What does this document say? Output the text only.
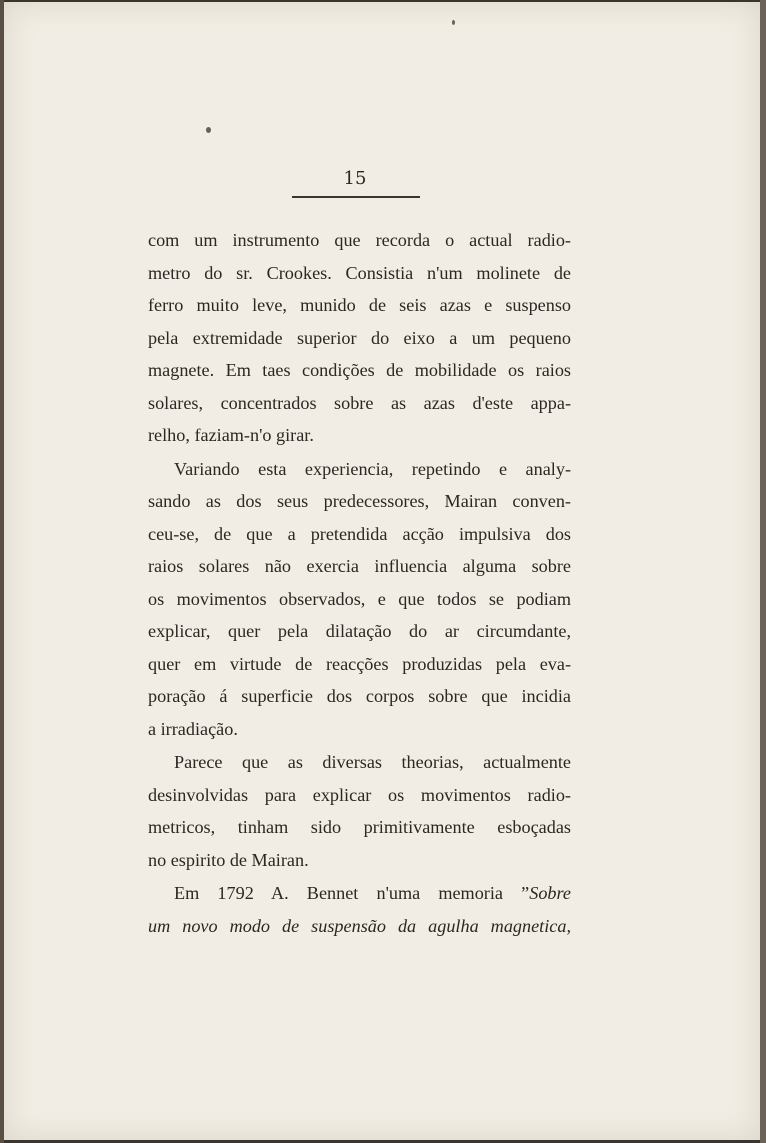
15

com um instrumento que recorda o actual radio-
metro do sr. Crookes. Consistia n'um molinete de
ferro muito leve, munido de seis azas e suspenso
pela extremidade superior do eixo a um pequeno
magnete. Em taes condições de mobilidade os raios
solares, concentrados sobre as azas d'este appa-
relho, faziam-n'o girar.

Variando esta experiencia, repetindo e analy-
sando as dos seus predecessores, Mairan conven-
ceu-se, de que a pretendida acção impulsiva dos
raios solares não exercia influencia alguma sobre
os movimentos observados, e que todos se podiam
explicar, quer pela dilatação do ar circumdante,
quer em virtude de reacções produzidas pela eva-
poração á superficie dos corpos sobre que incidia
a irradiação.

Parece que as diversas theorias, actualmente
desinvolvidas para explicar os movimentos radio-
metricos, tinham sido primitivamente esboçadas
no espirito de Mairan.

Em 1792 A. Bennet n'uma memoria ”Sobre
um novo modo de suspensão da agulha magnetica,
